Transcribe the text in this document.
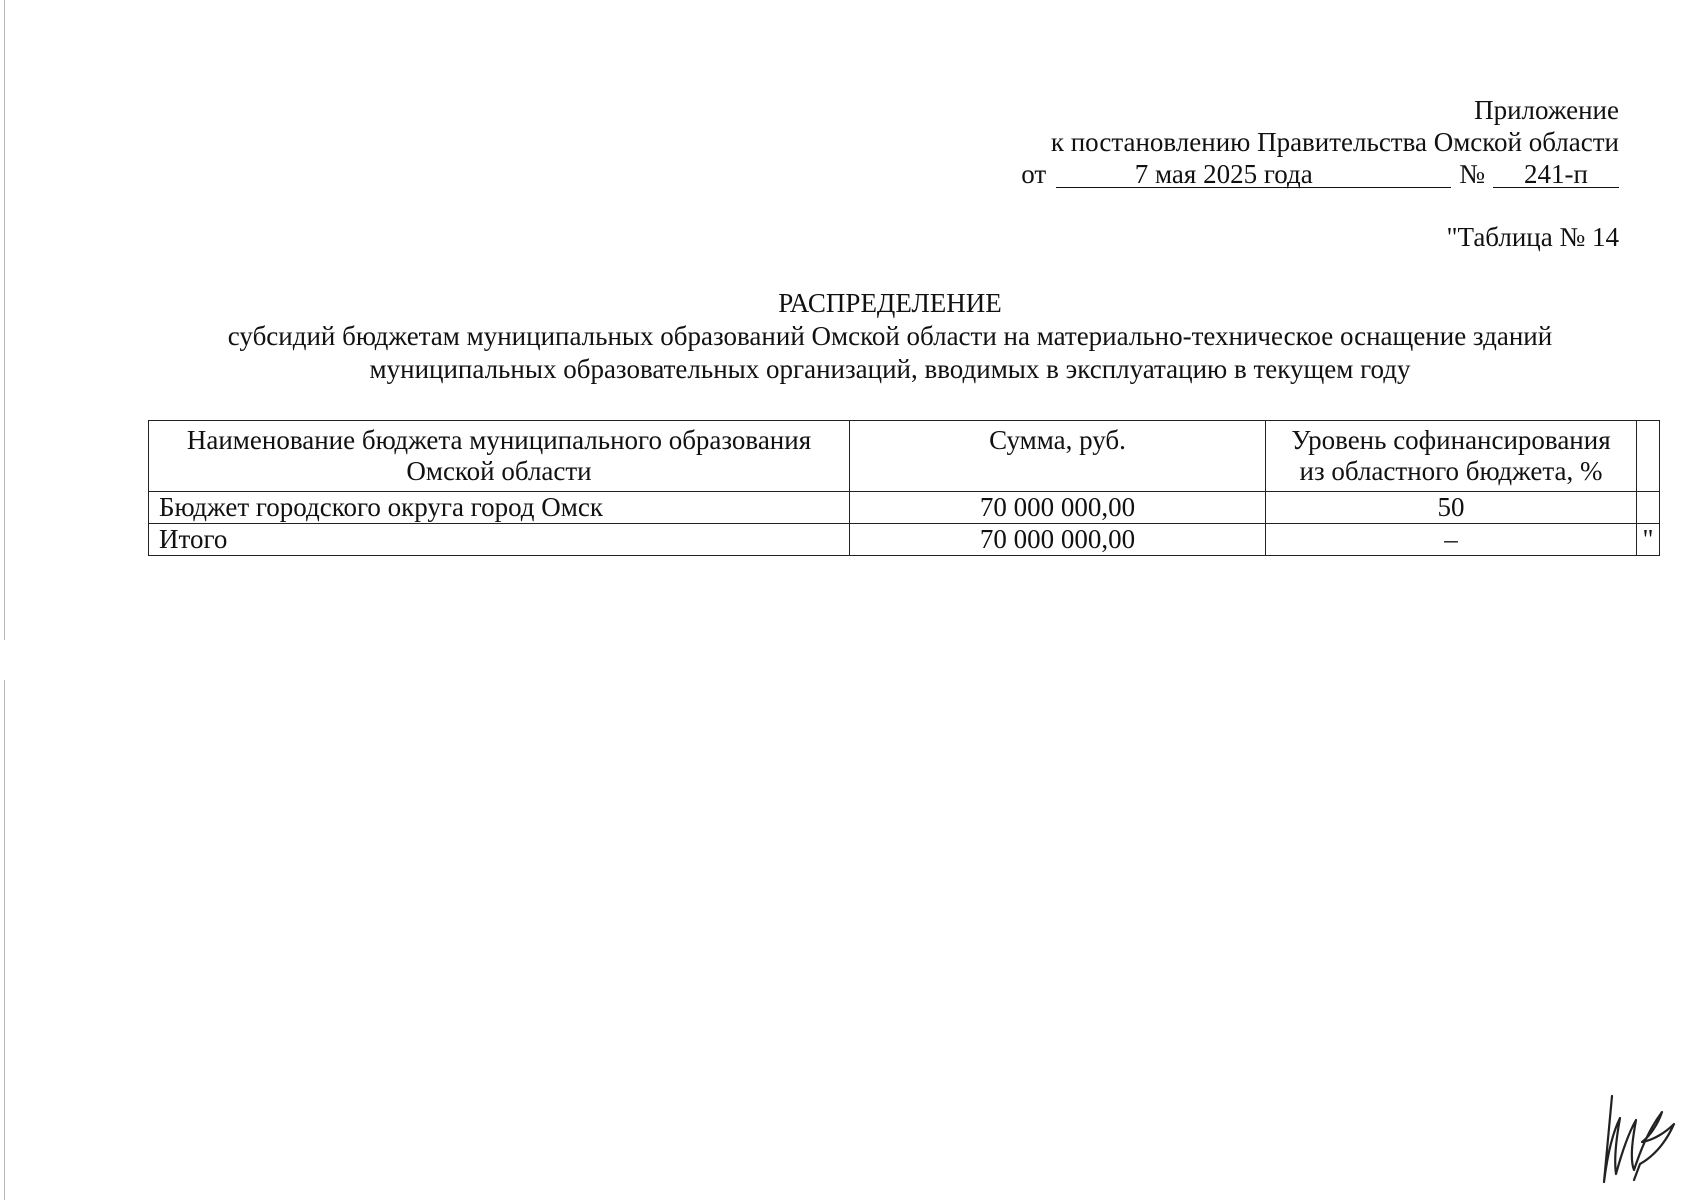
Приложение
к постановлению Правительства Омской области
от	7 мая 2025 года	№	241-п
"Таблица № 14
РАСПРЕДЕЛЕНИЕ
субсидий бюджетам муниципальных образований Омской области на материально-техническое оснащение зданий
муниципальных образовательных организаций, вводимых в эксплуатацию в текущем году
Наименование бюджета муниципального образования Омской области	Сумма, руб.	Уровень софинансирования из областного бюджета, %	
Бюджет городского округа город Омск	70 000 000,00	50	
Итого	70 000 000,00	–	"
